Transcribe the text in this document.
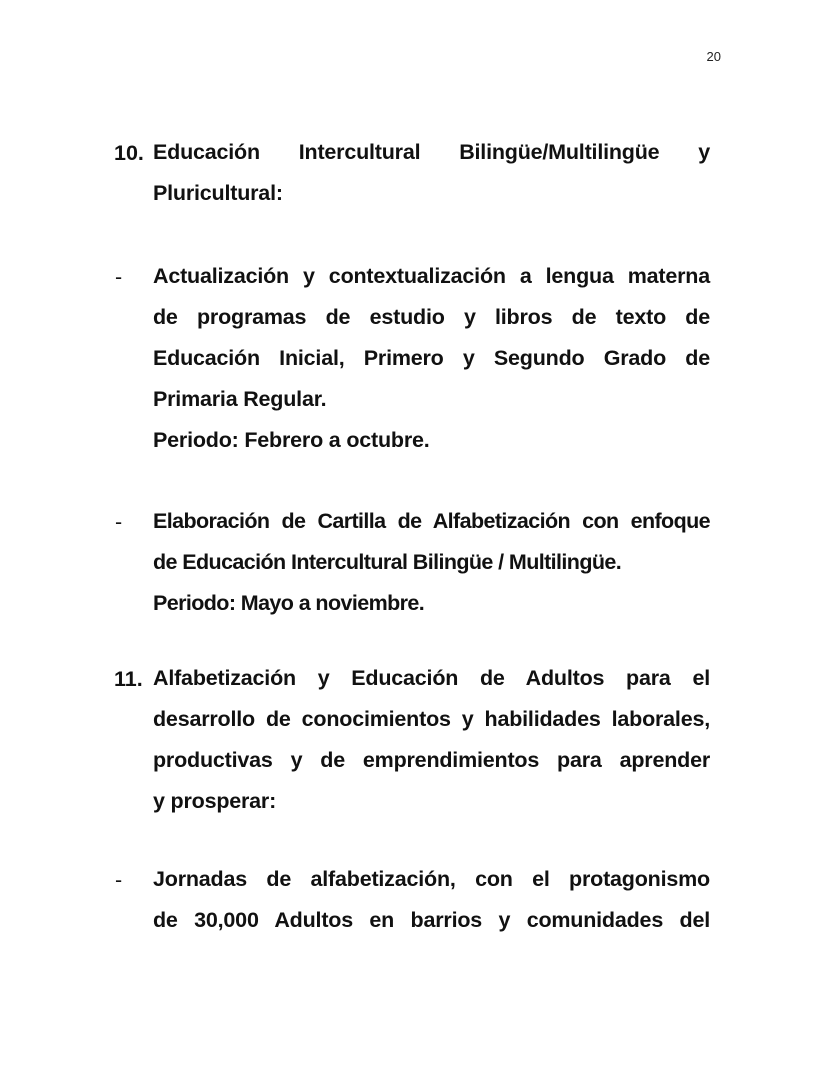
20
10. Educación Intercultural Bilingüe/Multilingüe y
Pluricultural:
- Actualización y contextualización a lengua materna
de programas de estudio y libros de texto de
Educación Inicial, Primero y Segundo Grado de
Primaria Regular.
Periodo: Febrero a octubre.
- Elaboración de Cartilla de Alfabetización con enfoque
de Educación Intercultural Bilingüe / Multilingüe.
Periodo: Mayo a noviembre.
11. Alfabetización y Educación de Adultos para el
desarrollo de conocimientos y habilidades laborales,
productivas y de emprendimientos para aprender
y prosperar:
- Jornadas de alfabetización, con el protagonismo
de 30,000 Adultos en barrios y comunidades del
